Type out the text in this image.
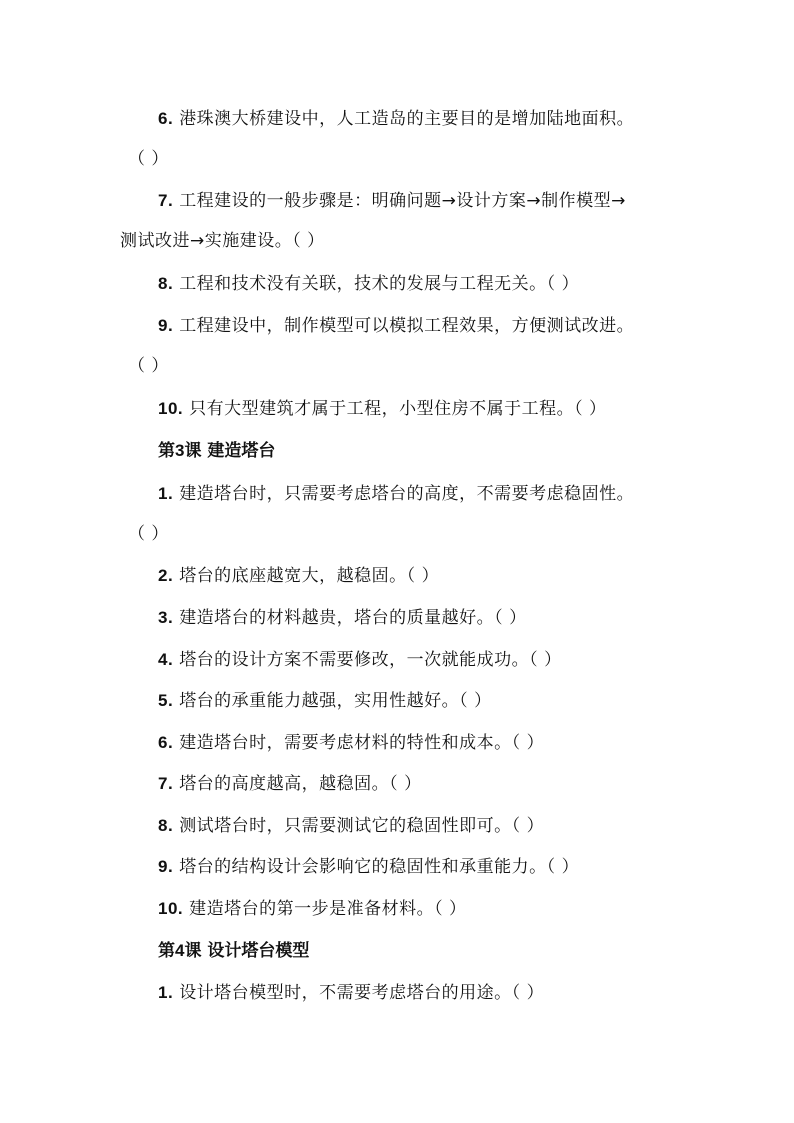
6. 港珠澳大桥建设中，人工造岛的主要目的是增加陆地面积。
（ ）
7. 工程建设的一般步骤是：明确问题→设计方案→制作模型→
测试改进→实施建设。（ ）
8. 工程和技术没有关联，技术的发展与工程无关。（ ）
9. 工程建设中，制作模型可以模拟工程效果，方便测试改进。
（ ）
10. 只有大型建筑才属于工程，小型住房不属于工程。（ ）
第3课 建造塔台
1. 建造塔台时，只需要考虑塔台的高度，不需要考虑稳固性。
（ ）
2. 塔台的底座越宽大，越稳固。（ ）
3. 建造塔台的材料越贵，塔台的质量越好。（ ）
4. 塔台的设计方案不需要修改，一次就能成功。（ ）
5. 塔台的承重能力越强，实用性越好。（ ）
6. 建造塔台时，需要考虑材料的特性和成本。（ ）
7. 塔台的高度越高，越稳固。（ ）
8. 测试塔台时，只需要测试它的稳固性即可。（ ）
9. 塔台的结构设计会影响它的稳固性和承重能力。（ ）
10. 建造塔台的第一步是准备材料。（ ）
第4课 设计塔台模型
1. 设计塔台模型时，不需要考虑塔台的用途。（ ）
